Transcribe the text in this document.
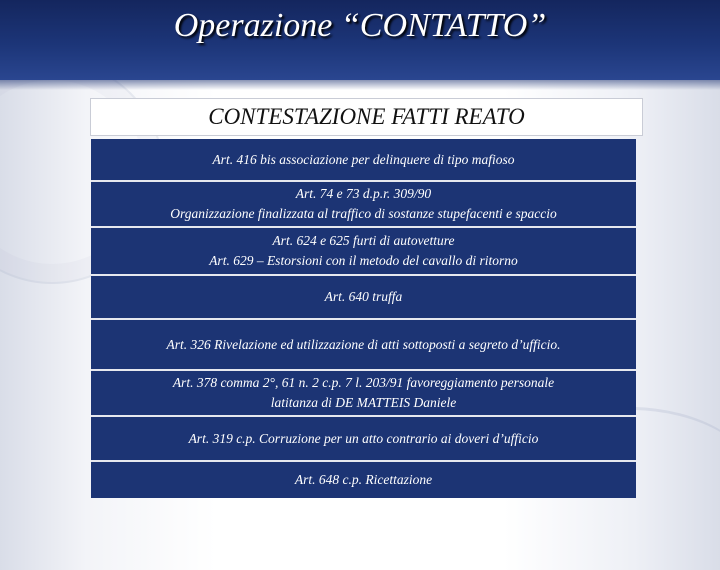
Operazione “CONTATTO”
CONTESTAZIONE FATTI REATO
Art. 416 bis associazione per delinquere di tipo mafioso
Art. 74 e 73 d.p.r. 309/90
Organizzazione finalizzata al traffico di sostanze stupefacenti e spaccio
Art. 624 e 625 furti di autovetture
Art. 629 – Estorsioni con il metodo del cavallo di ritorno
Art. 640 truffa
Art. 326 Rivelazione ed utilizzazione di atti sottoposti a segreto d’ufficio.
Art. 378 comma 2°, 61 n. 2 c.p. 7 l. 203/91 favoreggiamento personale
latitanza di DE MATTEIS Daniele
Art. 319 c.p. Corruzione per un atto contrario ai doveri d’ufficio
Art. 648 c.p. Ricettazione
